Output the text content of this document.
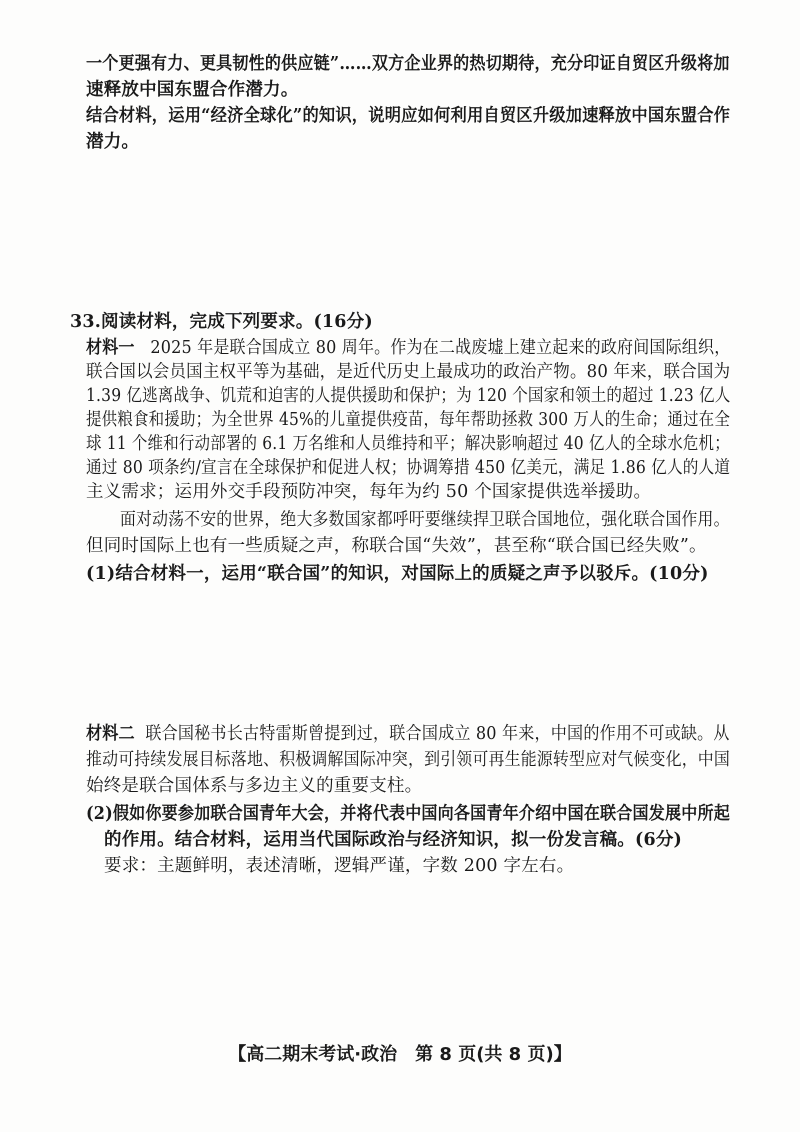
一个更强有力、更具韧性的供应链”……双方企业界的热切期待，充分印证自贸区升级将加
速释放中国东盟合作潜力。
结合材料，运用“经济全球化”的知识，说明应如何利用自贸区升级加速释放中国东盟合作
潜力。
33.阅读材料，完成下列要求。(16分)
材料一 2025 年是联合国成立 80 周年。作为在二战废墟上建立起来的政府间国际组织，
联合国以会员国主权平等为基础，是近代历史上最成功的政治产物。80 年来，联合国为
1.39 亿逃离战争、饥荒和迫害的人提供援助和保护；为 120 个国家和领土的超过 1.23 亿人
提供粮食和援助；为全世界 45%的儿童提供疫苗，每年帮助拯救 300 万人的生命；通过在全
球 11 个维和行动部署的 6.1 万名维和人员维持和平；解决影响超过 40 亿人的全球水危机；
通过 80 项条约/宣言在全球保护和促进人权；协调筹措 450 亿美元，满足 1.86 亿人的人道
主义需求；运用外交手段预防冲突，每年为约 50 个国家提供选举援助。
面对动荡不安的世界，绝大多数国家都呼吁要继续捍卫联合国地位，强化联合国作用。
但同时国际上也有一些质疑之声，称联合国“失效”，甚至称“联合国已经失败”。
(1)结合材料一，运用“联合国”的知识，对国际上的质疑之声予以驳斥。(10分)
材料二 联合国秘书长古特雷斯曾提到过，联合国成立 80 年来，中国的作用不可或缺。从
推动可持续发展目标落地、积极调解国际冲突，到引领可再生能源转型应对气候变化，中国
始终是联合国体系与多边主义的重要支柱。
(2)假如你要参加联合国青年大会，并将代表中国向各国青年介绍中国在联合国发展中所起
的作用。结合材料，运用当代国际政治与经济知识，拟一份发言稿。(6分)
要求：主题鲜明，表述清晰，逻辑严谨，字数 200 字左右。
【高二期末考试·政治　第 8 页(共 8 页)】
